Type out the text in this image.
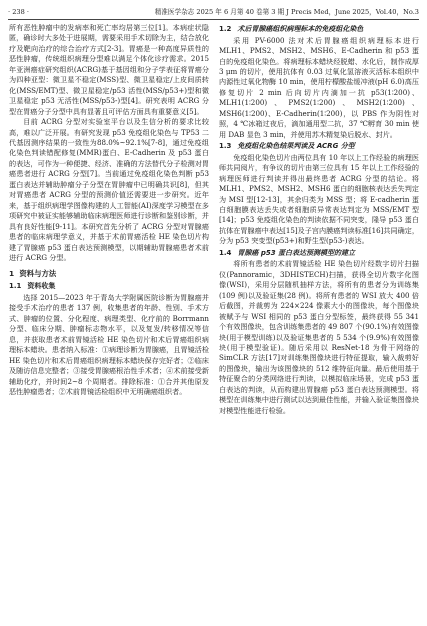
· 238 ·	精准医学杂志 2025 年 6 月第 40 卷第 3 期 J Precis Med，June 2025，Vol.40，No.3

所有恶性肿瘤中的发病率和死亡率均居第三位[1]。本病症状隐匿，确诊时大多处于进展期，需要采用手术切除为主，结合放化疗及靶向治疗的综合治疗方式[2-3]。胃癌是一种高度异质性的恶性肿瘤，传统组织病理分型难以满足个体化诊疗需求。2015 年亚洲癌症研究组织(ACRG)基于基因组和分子学表征将胃癌分为四种亚型：微卫星不稳定(MSS)型、微卫星稳定/上皮间质转化(MSS/EMT)型、微卫星稳定/p53 活性(MSS/p53+)型和微卫星稳定 p53 无活性(MSS/p53-)型[4]。研究表明 ACRG 分型在胃癌分子分型中具有显著且可评估方面具有重要意义[5]。

目前 ACRG 分型对实验室平台以及生信分析的要求比较高，难以广泛开展。有研究发现 p53 免疫组化染色与 TP53 二代基因测序结果的一致性为88.0%~92.1%[7-8]，通过免疫组化染色判读错配修复(MMR)蛋白、E-Cadherin 及 p53 蛋白的表达，可作为一种便捷、经济、准确的方法替代分子检测对胃癌患者进行 ACRG 分型[7]。当前通过免疫组化染色判断 p53 蛋白表达并辅助肿瘤分子分型在胃肿瘤中已明确共识[8]，但其对胃癌患者 ACRG 分型的预测价值还需要进一步研究。近年来，基于组织病理学图像构建的人工智能(AI)深度学习模型在多项研究中被证实能够辅助临床病理医师进行诊断和鉴别诊断，并具有良好性能[9-11]。本研究首先分析了 ACRG 分型对胃腺癌患者的临床病理学意义，并基于术前胃癌活检 HE 染色切片构建了胃腺癌 p53 蛋白表达预测模型，以期辅助胃腺癌患者术前进行 ACRG 分型。

1 资料与方法
1.1 资料收集

选择 2015—2023 年于青岛大学附属医院诊断为胃腺癌并接受手术治疗的患者 137 例，收集患者的年龄、性别、手术方式、肿瘤的位置、分化程度、病理类型、化疗前的 Borrmann 分型、临床分期、肿瘤标志物水平，以及复发/转移情况等信息，并获取患者术前胃镜活检 HE 染色切片和术后胃癌组织病理标本蜡块。患者纳入标准：①病理诊断为胃腺癌，且胃镜活检 HE 染色切片和术后胃癌组织病理标本蜡块保存完好者；②临床及随访信息完整者；③接受胃腺癌根治性手术者；④术前接受新辅助化疗，并时间2~8 个周期者。排除标准：①合并其他原发恶性肿瘤患者；②术前胃镜活检组织中无明确癌组织者。

1.2 术后胃腺癌组织病理标本的免疫组化染色

采用 PV-6000 法对术后胃腺癌组织病理标本进行 MLH1、PMS2、MSH2、MSH6、E-Cadherin 和 p53 蛋白的免疫组化染色。将病理标本蜡块经脱蜡、水化后，制作成厚 3 μm 的切片，使用抗体有 0.03 过氧化氢溶液灭活标本组织中内源性过氧化物酶 10 min，使用柠檬酸盐缓冲液(pH 6.0)高压修复切片 2 min 后向切片内滴加一抗 p53(1∶200)、MLH1(1∶200)、PMS2(1∶200)、MSH2(1∶200)、MSH6(1∶200)、E-Cadherin(1∶200)，以 PBS 作为阴性对照，4 ℃冰箱过夜后，滴加通用型二抗，37 ℃孵育 30 min 使用 DAB 显色 3 min，并使用苏木精复染后脱水、封片。

1.3 免疫组化染色结果判读及 ACRG 分型

免疫组化染色切片由两位具有 10 年以上工作经验的病理医师共同阅片，有争议的切片由第三位具有 15 年以上工作经验的病理医师进行判读并得出最终患者 ACRG 分型的结论。将 MLH1、PMS2、MSH2、MSH6 蛋白的细胞核表达丢失判定为 MSI 型[12-13]，其余归类为 MSS 型；将 E-cadherin 蛋白细胞膜表达丢失或者细胞质异常表达判定为 MSS/EMT 型[14]；p53 免疫组化染色的判读依据不同突变，隆导 p53 蛋白抗体在胃腺癌中表达[15]及子宫内膜癌判读标准[16]共同确定，分为 p53 突变型(p53+)和野生型(p53-)表达。

1.4 胃腺癌 p53 蛋白表达预测模型的建立

将所有患者的术前胃镜活检 HE 染色切片经数字切片扫描仪(Pannoramic，3DHISTECH)扫描，获得全切片数字化图像(WSI)，采用分层随机抽样方法，将所有的患者分为训练集(109 例)以及验证集(28 例)。将所有患者的 WSI 放大 400 倍后截图，并裁剪为 224×224 像素大小的图像块，每个图像块被赋予与 WSI 相同的 p53 蛋白分型标签，最终获得 55 341 个有效图像块，包含训练集患者的 49 807 个(90.1%)有效图像块(用于模型训练)以及验证集患者的 5 534 个(9.9%)有效图像块(用于模型验证)。随后采用以 ResNet-18 为骨干网络的 SimCLR 方法[17]对训练集图像块进行特征提取，输入裁剪好的图像块，输出为该图像块的 512 维特征向量。最后使用基于特征聚合的分类网络进行判读，以模拟临床场景，完成 p53 蛋白表达的判读，从而构建出胃腺癌 p53 蛋白表达预测模型。将模型在训练集中进行测试以达到最佳性能，并输入验证集图像块对模型性能进行检验。
